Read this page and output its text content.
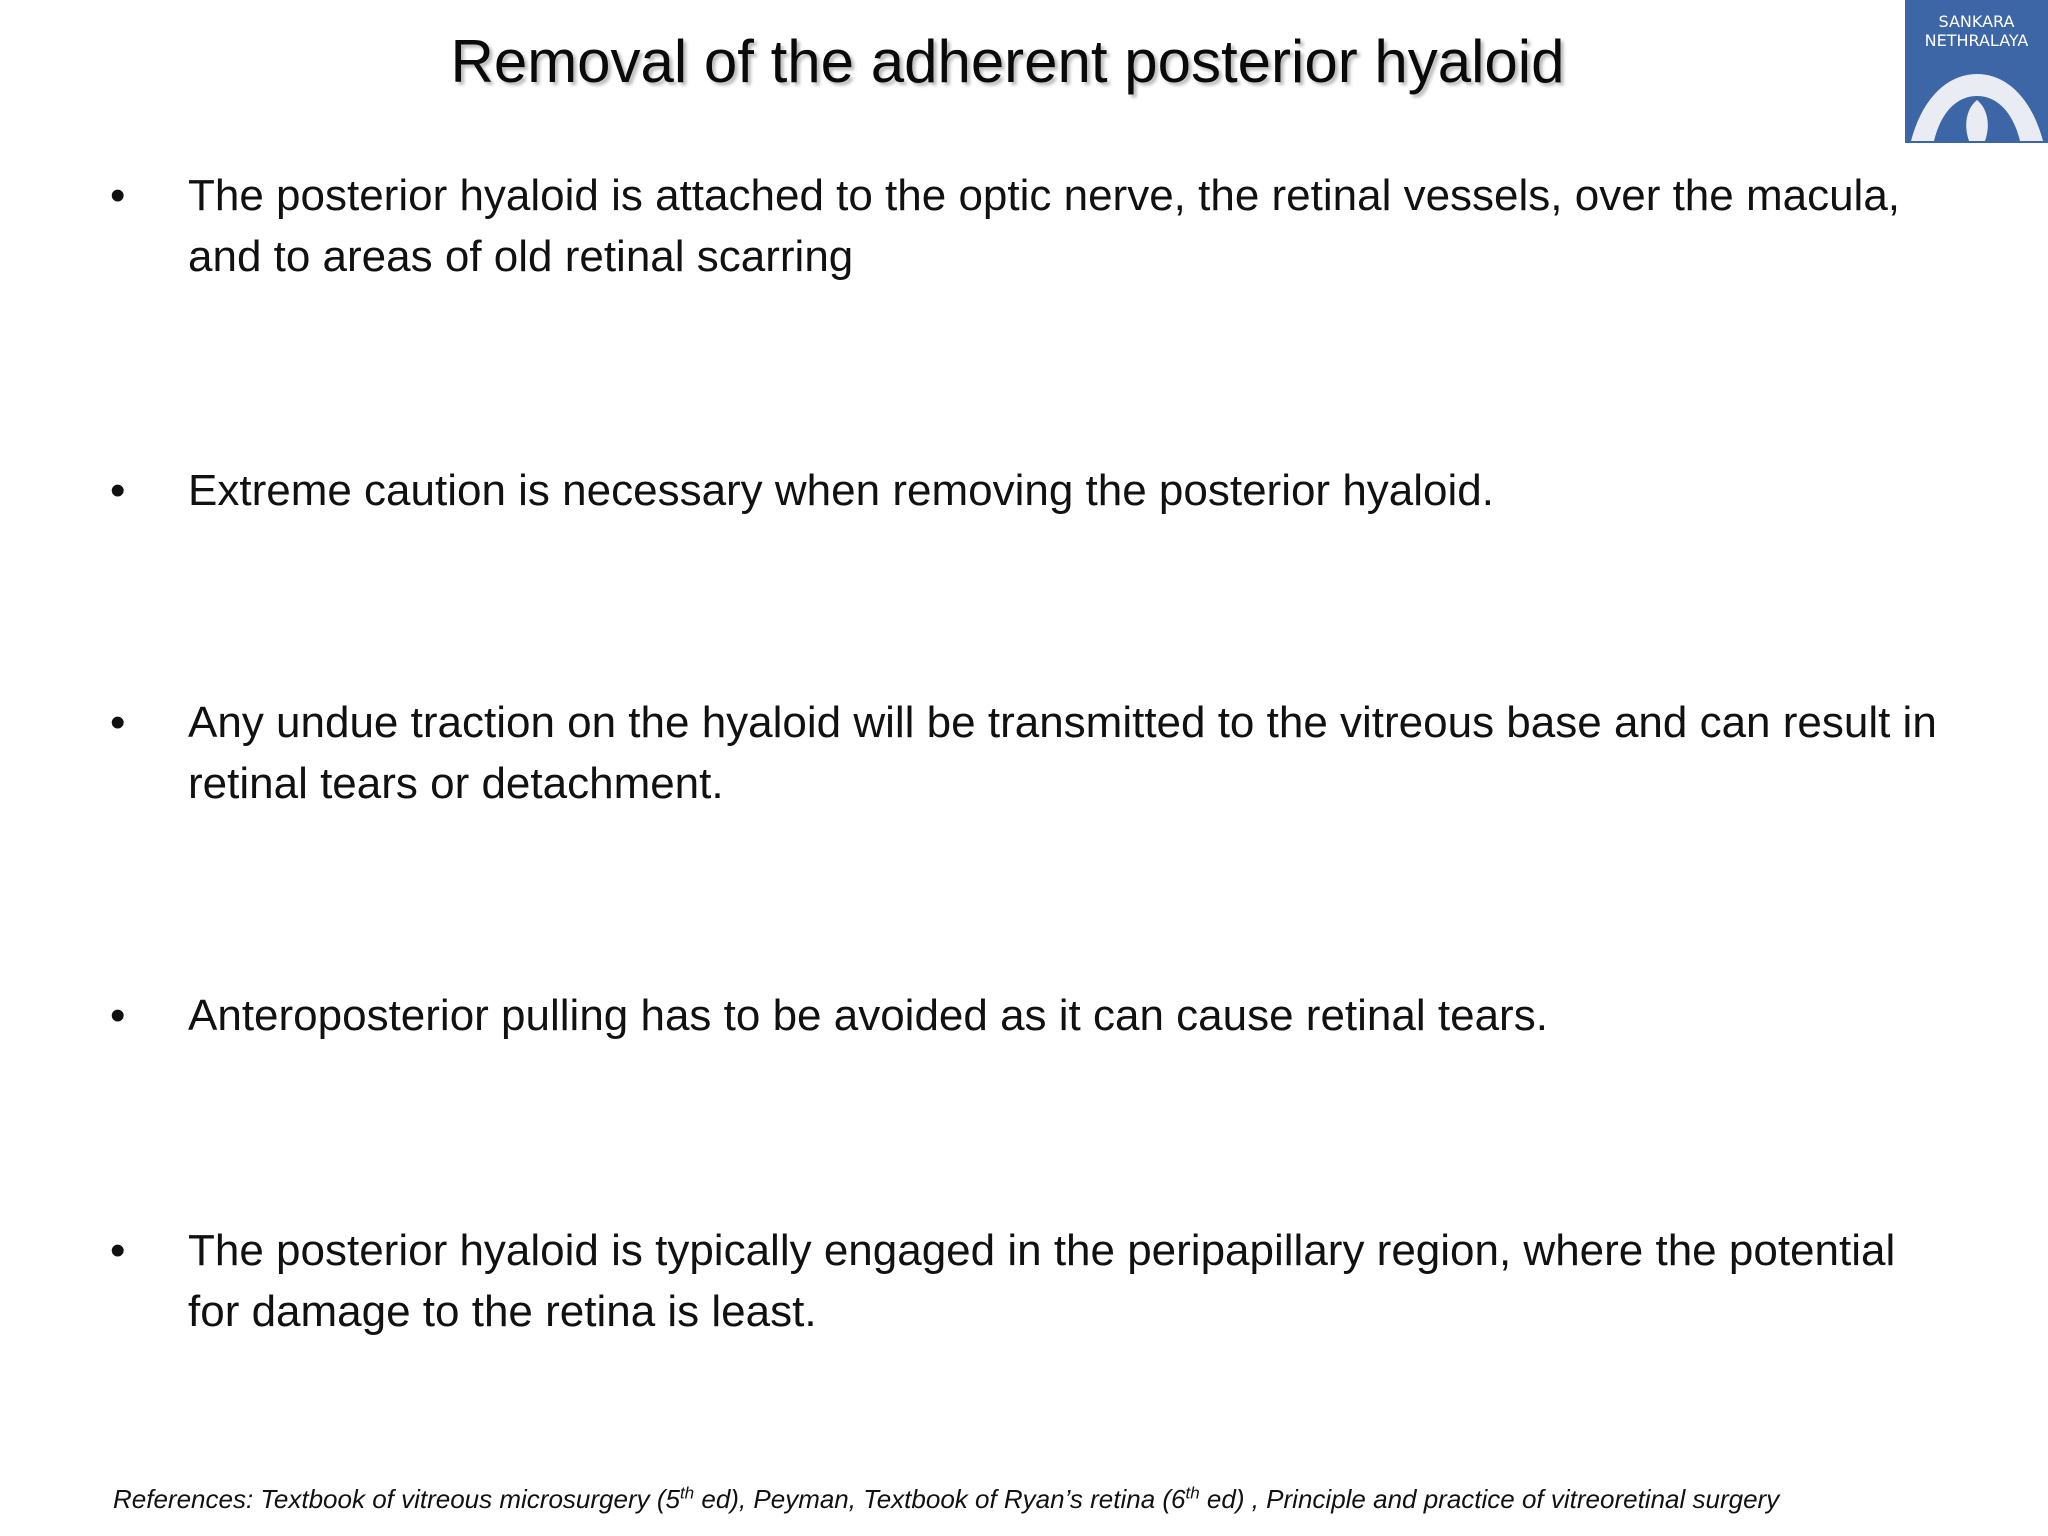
Removal of the adherent posterior hyaloid
SANKARA
NETHRALAYA
•	The posterior hyaloid is attached to the optic nerve, the retinal vessels, over the macula, and to areas of old retinal scarring
•	Extreme caution is necessary when removing the posterior hyaloid.
•	Any undue traction on the hyaloid will be transmitted to the vitreous base and can result in retinal tears or detachment.
•	Anteroposterior pulling has to be avoided as it can cause retinal tears.
•	The posterior hyaloid is typically engaged in the peripapillary region, where the potential for damage to the retina is least.
References: Textbook of vitreous microsurgery (5th ed), Peyman, Textbook of Ryan’s retina (6th ed) , Principle and practice of vitreoretinal surgery
